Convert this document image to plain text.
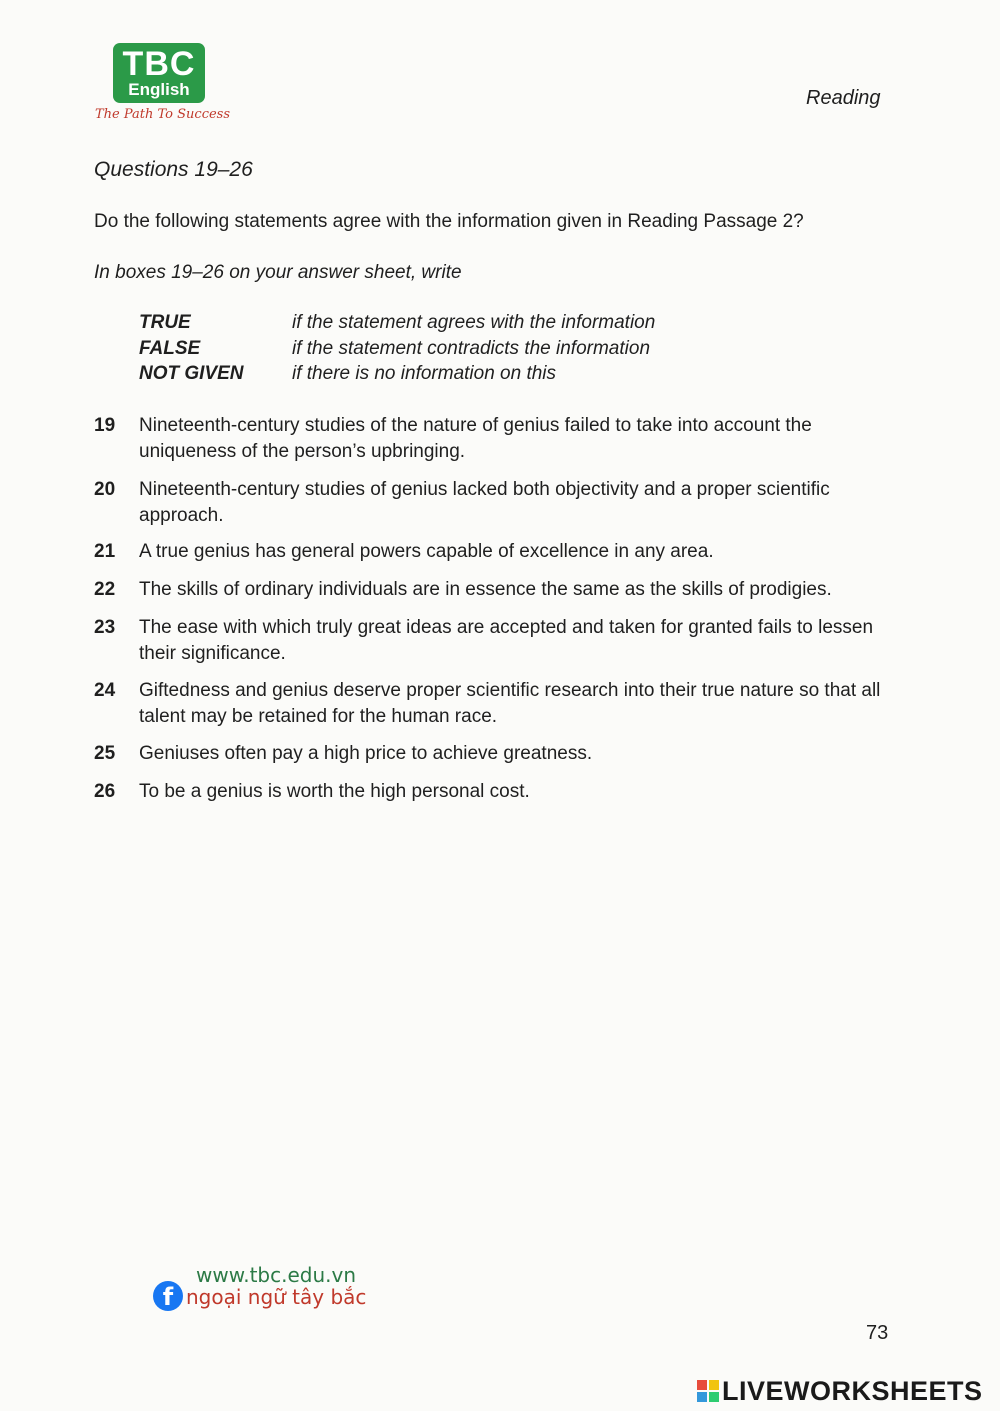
TBC
English
The Path To Success
Reading
Questions 19–26
Do the following statements agree with the information given in Reading Passage 2?
In boxes 19–26 on your answer sheet, write
TRUE	if the statement agrees with the information
FALSE	if the statement contradicts the information
NOT GIVEN	if there is no information on this
19 Nineteenth-century studies of the nature of genius failed to take into account the uniqueness of the person’s upbringing.
20 Nineteenth-century studies of genius lacked both objectivity and a proper scientific approach.
21 A true genius has general powers capable of excellence in any area.
22 The skills of ordinary individuals are in essence the same as the skills of prodigies.
23 The ease with which truly great ideas are accepted and taken for granted fails to lessen their significance.
24 Giftedness and genius deserve proper scientific research into their true nature so that all talent may be retained for the human race.
25 Geniuses often pay a high price to achieve greatness.
26 To be a genius is worth the high personal cost.
www.tbc.edu.vn
f ngoại ngữ tây bắc
73
LIVEWORKSHEETS
